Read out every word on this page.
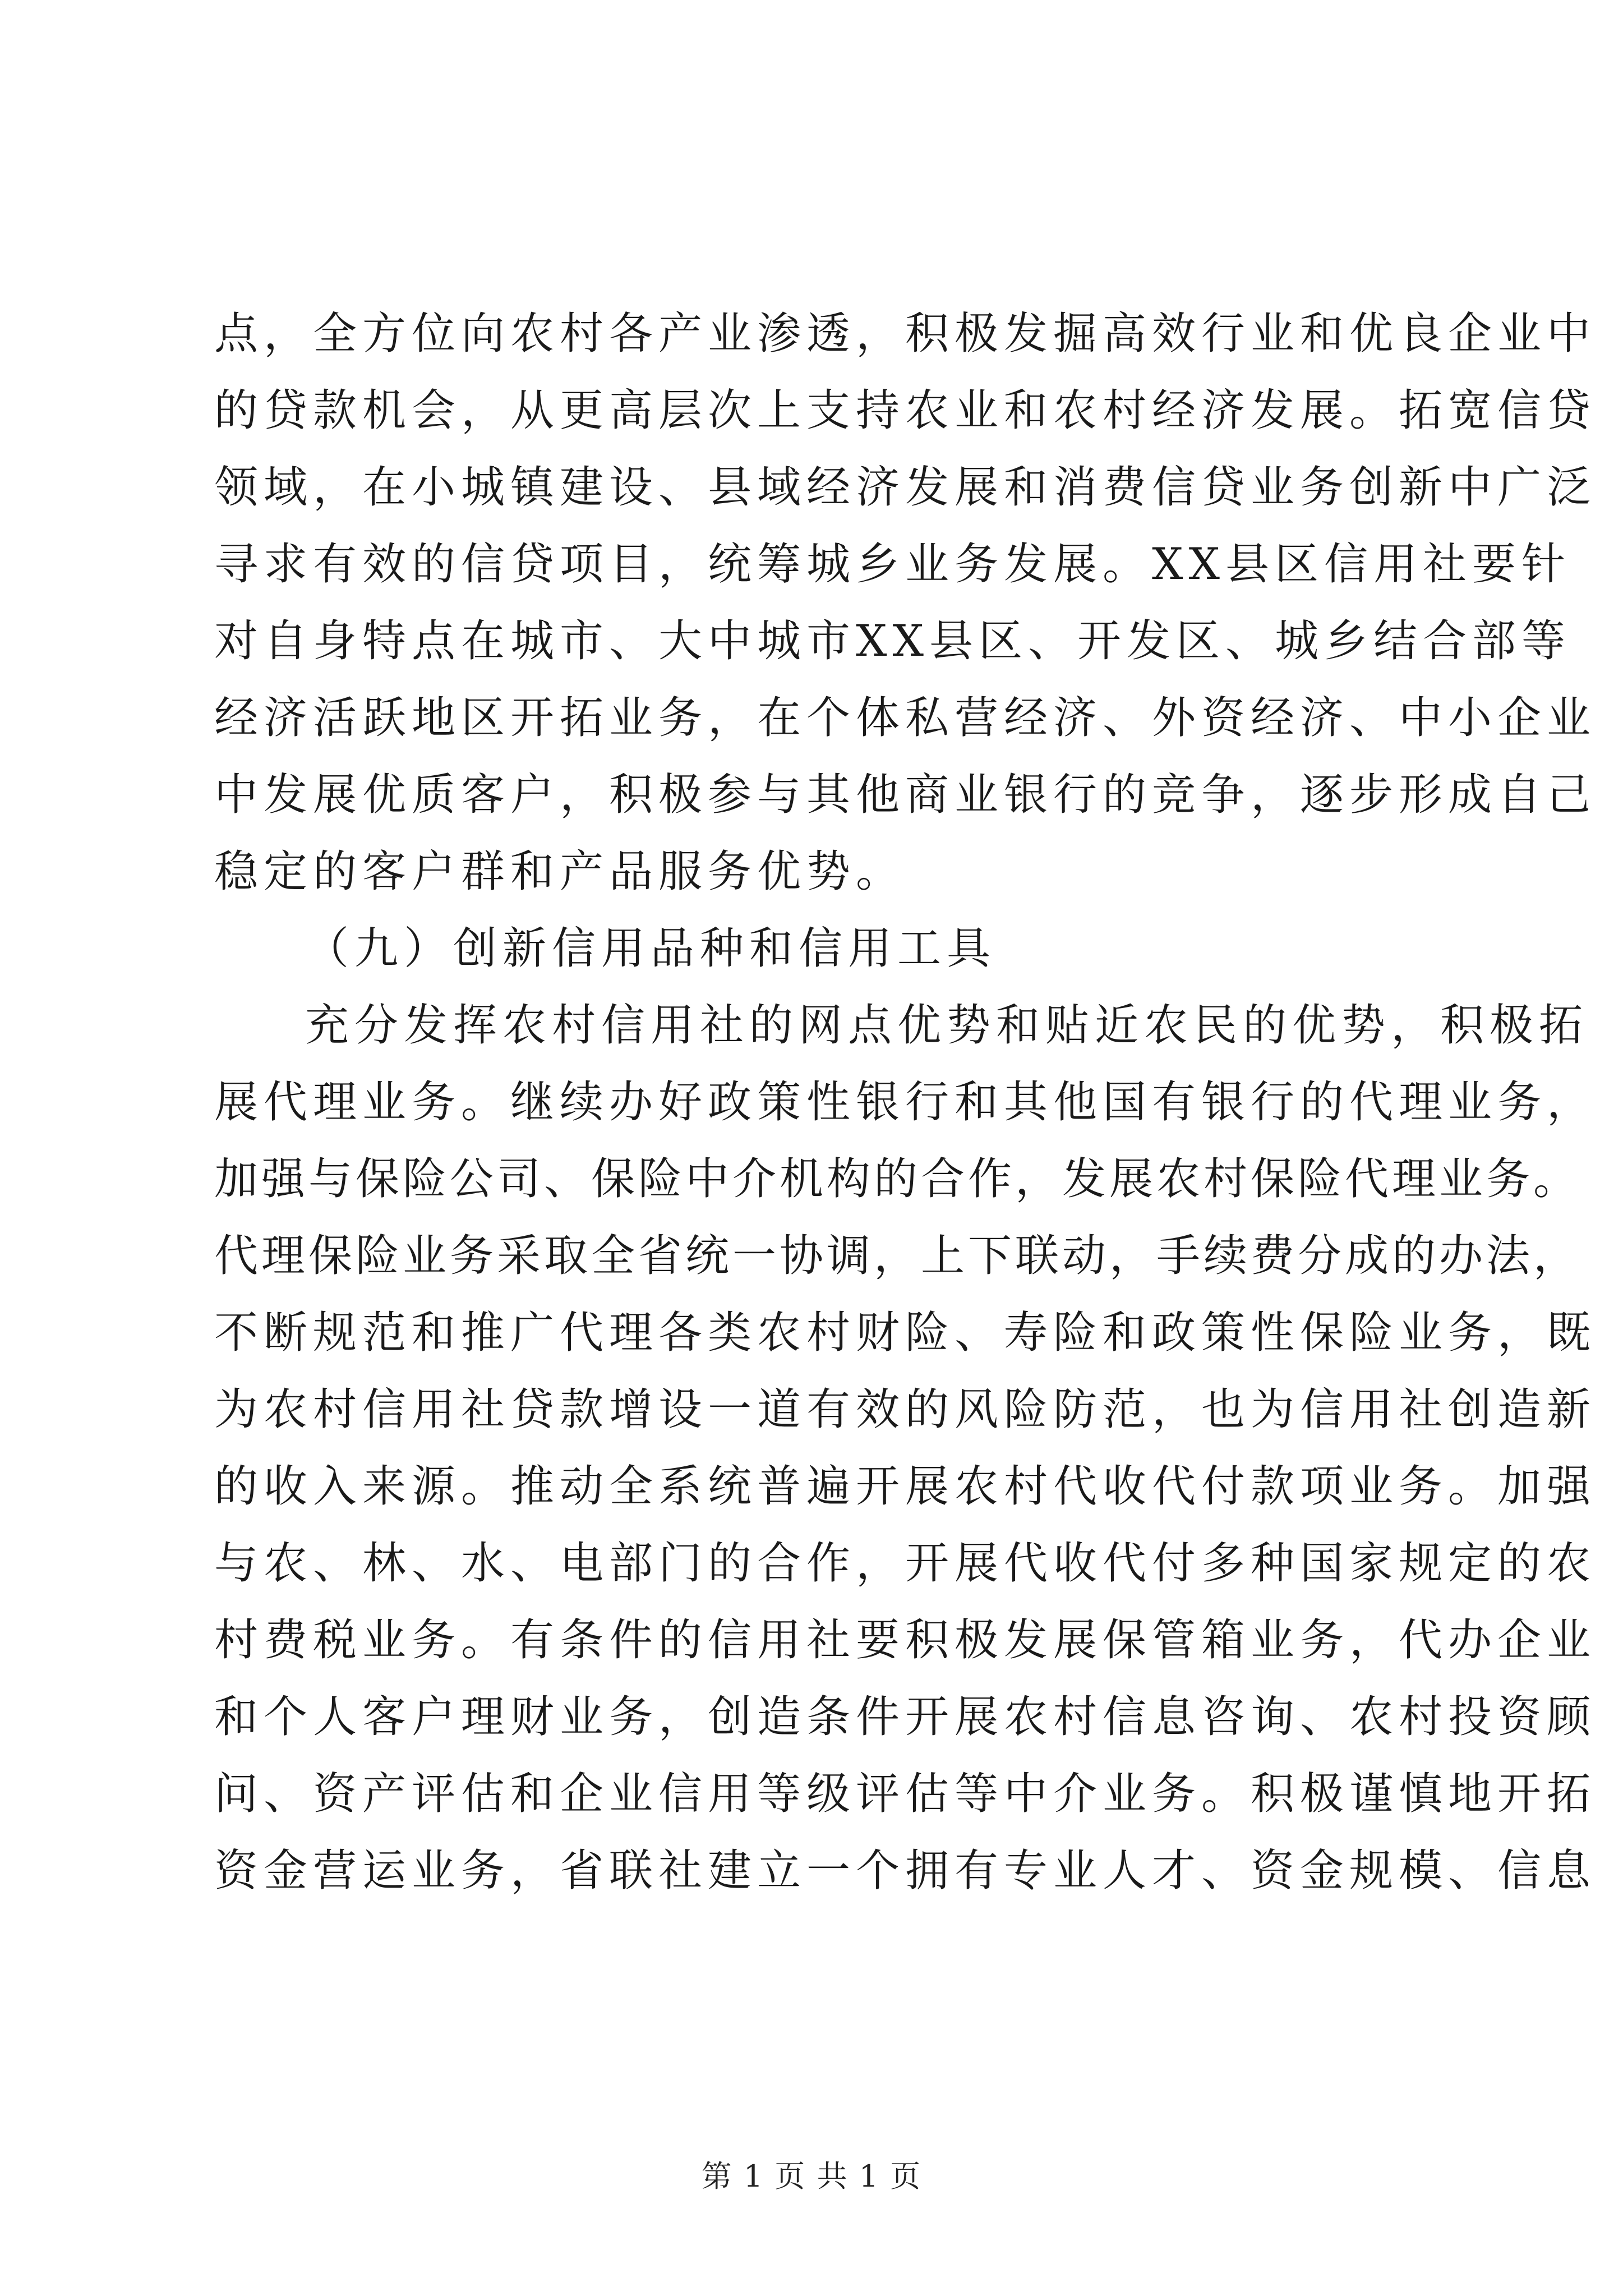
点，全方位向农村各产业渗透，积极发掘高效行业和优良企业中
的贷款机会，从更高层次上支持农业和农村经济发展。拓宽信贷
领域，在小城镇建设、县域经济发展和消费信贷业务创新中广泛
寻求有效的信贷项目，统筹城乡业务发展。XX县区信用社要针
对自身特点在城市、大中城市XX县区、开发区、城乡结合部等
经济活跃地区开拓业务，在个体私营经济、外资经济、中小企业
中发展优质客户，积极参与其他商业银行的竞争，逐步形成自己
稳定的客户群和产品服务优势。
（九）创新信用品种和信用工具
充分发挥农村信用社的网点优势和贴近农民的优势，积极拓
展代理业务。继续办好政策性银行和其他国有银行的代理业务，
加强与保险公司、保险中介机构的合作，发展农村保险代理业务。
代理保险业务采取全省统一协调，上下联动，手续费分成的办法，
不断规范和推广代理各类农村财险、寿险和政策性保险业务，既
为农村信用社贷款增设一道有效的风险防范，也为信用社创造新
的收入来源。推动全系统普遍开展农村代收代付款项业务。加强
与农、林、水、电部门的合作，开展代收代付多种国家规定的农
村费税业务。有条件的信用社要积极发展保管箱业务，代办企业
和个人客户理财业务，创造条件开展农村信息咨询、农村投资顾
问、资产评估和企业信用等级评估等中介业务。积极谨慎地开拓
资金营运业务，省联社建立一个拥有专业人才、资金规模、信息
第 1 页 共 1 页
